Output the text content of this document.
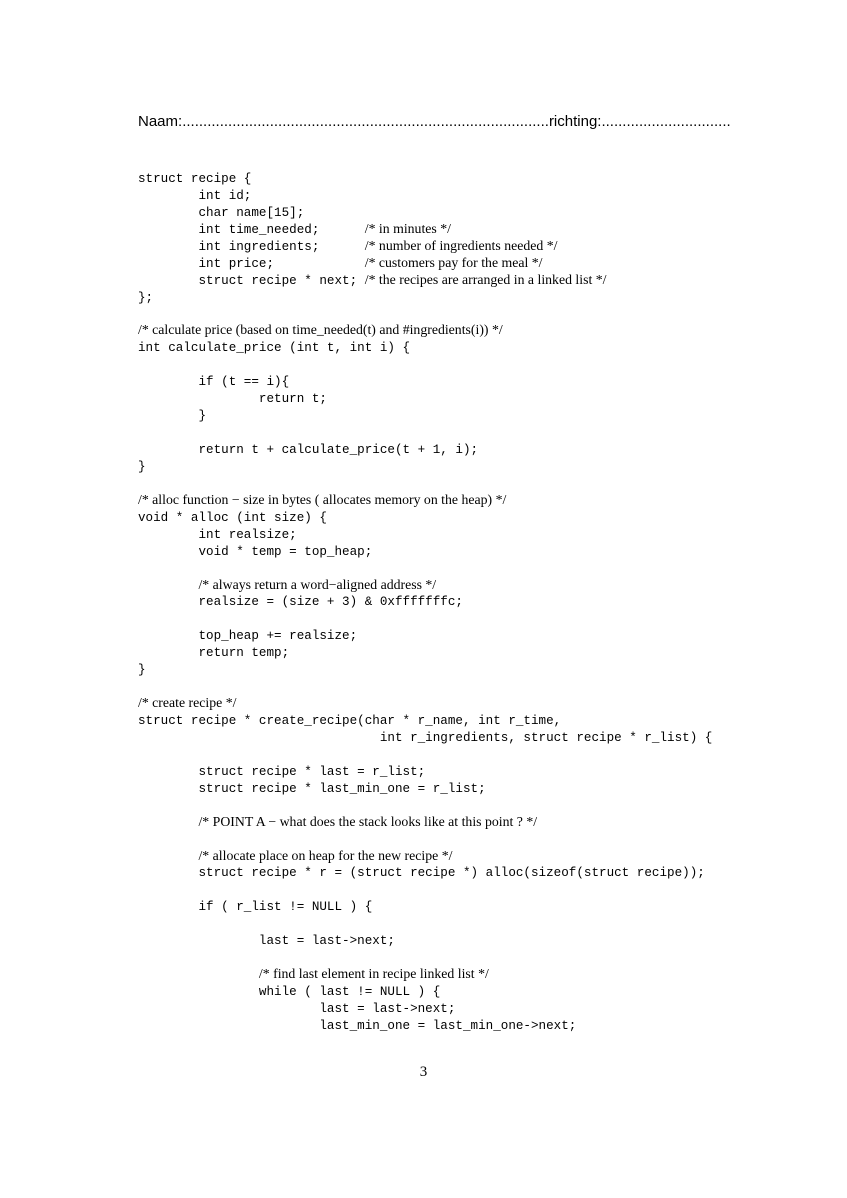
Naam:........................................................................................richting:...............................
struct recipe {
int id;
char name[15];
int time_needed;      /* in minutes */
int ingredients;      /* number of ingredients needed */
int price;            /* customers pay for the meal */
struct recipe * next; /* the recipes are arranged in a linked list */
};
/* calculate price (based on time_needed(t) and #ingredients(i)) */
int calculate_price (int t, int i) {
if (t == i){
return t;
}
return t + calculate_price(t + 1, i);
}
/* alloc function − size in bytes ( allocates memory on the heap) */
void * alloc (int size) {
int realsize;
void * temp = top_heap;
/* always return a word−aligned address */
realsize = (size + 3) & 0xfffffffc;
top_heap += realsize;
return temp;
}
/* create recipe */
struct recipe * create_recipe(char * r_name, int r_time,
int r_ingredients, struct recipe * r_list) {
struct recipe * last = r_list;
struct recipe * last_min_one = r_list;
/* POINT A − what does the stack looks like at this point ? */
/* allocate place on heap for the new recipe */
struct recipe * r = (struct recipe *) alloc(sizeof(struct recipe));
if ( r_list != NULL ) {
last = last->next;
/* find last element in recipe linked list */
while ( last != NULL ) {
last = last->next;
last_min_one = last_min_one->next;
3
